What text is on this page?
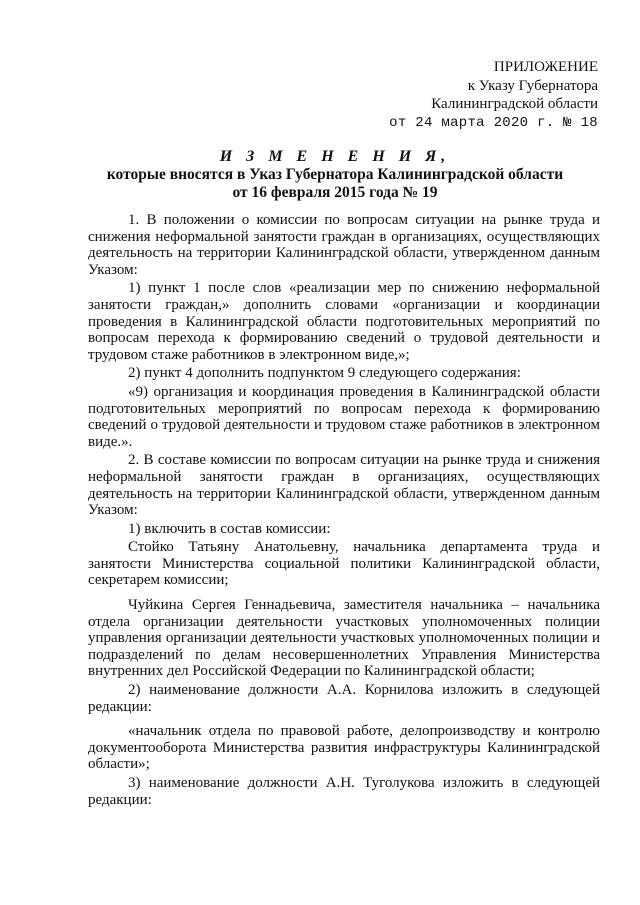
ПРИЛОЖЕНИЕ
к Указу Губернатора
Калининградской области
от 24 марта 2020 г. № 18
И З М Е Н Е Н И Я,
которые вносятся в Указ Губернатора Калининградской области
от 16 февраля 2015 года № 19

1. В положении о комиссии по вопросам ситуации на рынке труда и снижения неформальной занятости граждан в организациях, осуществляющих деятельность на территории Калининградской области, утвержденном данным Указом:

1) пункт 1 после слов «реализации мер по снижению неформальной занятости граждан,» дополнить словами «организации и координации проведения в Калининградской области подготовительных мероприятий по вопросам перехода к формированию сведений о трудовой деятельности и трудовом стаже работников в электронном виде,»;

2) пункт 4 дополнить подпунктом 9 следующего содержания:

«9) организация и координация проведения в Калининградской области подготовительных мероприятий по вопросам перехода к формированию сведений о трудовой деятельности и трудовом стаже работников в электронном виде.».

2. В составе комиссии по вопросам ситуации на рынке труда и снижения неформальной занятости граждан в организациях, осуществляющих деятельность на территории Калининградской области, утвержденном данным Указом:

1) включить в состав комиссии:

Стойко Татьяну Анатольевну, начальника департамента труда и занятости Министерства социальной политики Калининградской области, секретарем комиссии;

Чуйкина Сергея Геннадьевича, заместителя начальника – начальника отдела организации деятельности участковых уполномоченных полиции управления организации деятельности участковых уполномоченных полиции и подразделений по делам несовершеннолетних Управления Министерства внутренних дел Российской Федерации по Калининградской области;

2) наименование должности А.А. Корнилова изложить в следующей редакции:

«начальник отдела по правовой работе, делопроизводству и контролю документооборота Министерства развития инфраструктуры Калининградской области»;

3) наименование должности А.Н. Туголукова изложить в следующей редакции:
